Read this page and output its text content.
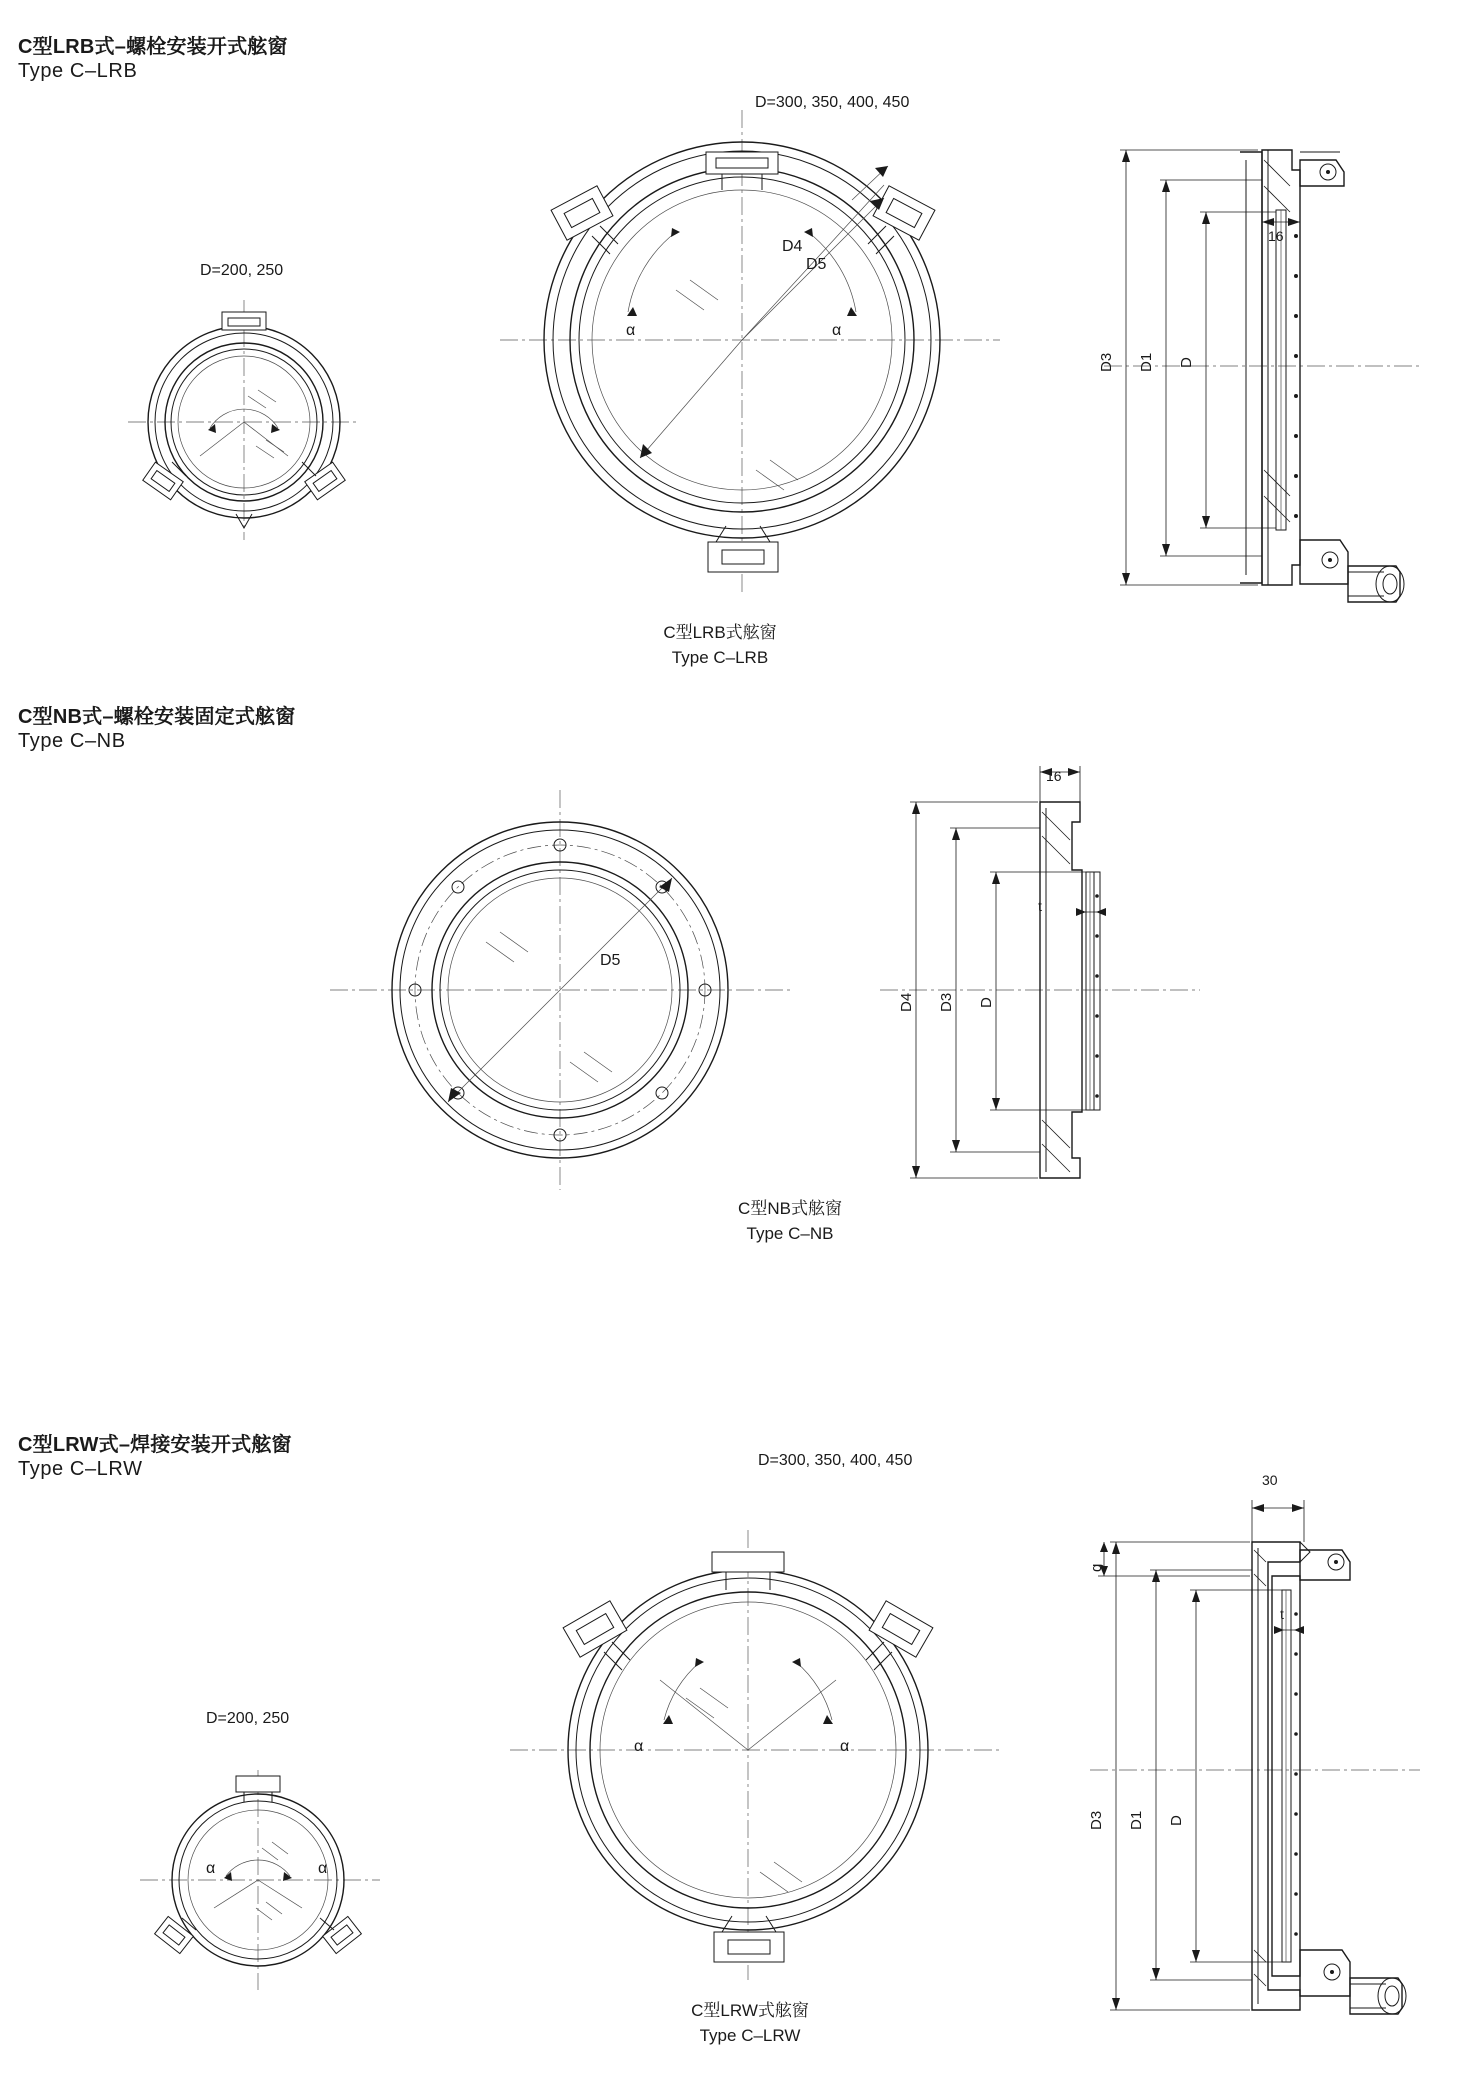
C型LRB式–螺栓安装开式舷窗
Type C–LRB
D=200, 250
D=300, 350, 400, 450
α	α
D4
D5
D3 D1 D
16
C型LRB式舷窗
Type C–LRB
C型NB式–螺栓安装固定式舷窗
Type C–NB
D5
D4 D3 D
16
t
C型NB式舷窗
Type C–NB
C型LRW式–焊接安装开式舷窗
Type C–LRW
D=200, 250
D=300, 350, 400, 450
α	α
α	α
D3 D1 D
g
30
t
C型LRW式舷窗
Type C–LRW
